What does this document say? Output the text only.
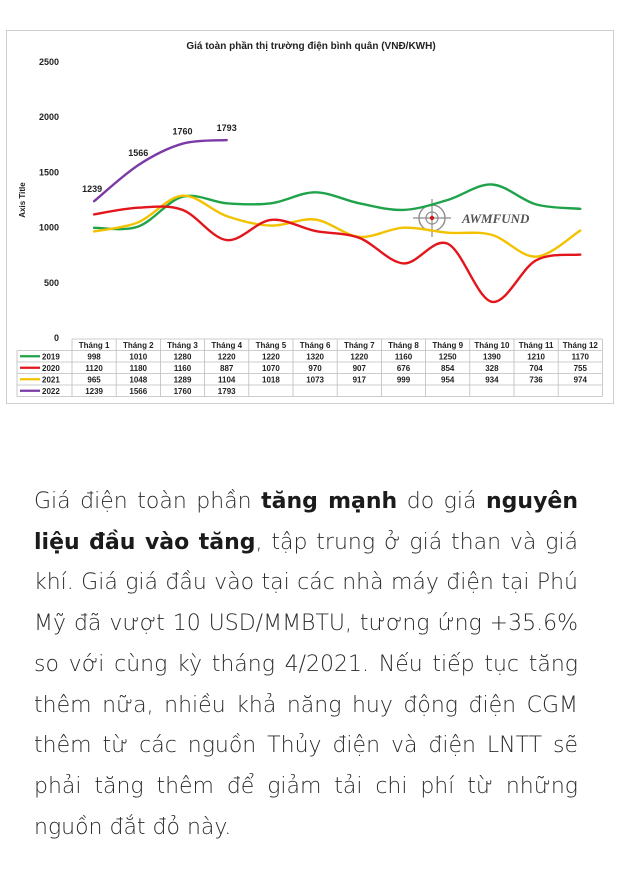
Giá toàn phần thị trường điện bình quân (VNĐ/KWH)
0
500
1000
1500
2000
2500
Axis Title
AWMFUND
1239
1566
1760	1793
Tháng 1 Tháng 2 Tháng 3 Tháng 4 Tháng 5 Tháng 6 Tháng 7 Tháng 8 Tháng 9 Tháng 10 Tháng 11 Tháng 12
2019	998	1010	1280	1220	1220	1320	1220	1160	1250	1390	1210	1170
2020	1120	1180	1160	887	1070	970	907	676	854	328	704	755
2021	965	1048	1289	1104	1018	1073	917	999	954	934	736	974
2022	1239	1566	1760	1793

Giá điện toàn phần tăng mạnh do giá nguyên liệu đầu vào tăng, tập trung ở giá than và giá khí. Giá giá đầu vào tại các nhà máy điện tại Phú Mỹ đã vượt 10 USD/MMBTU, tương ứng +35.6% so với cùng kỳ tháng 4/2021. Nếu tiếp tục tăng thêm nữa, nhiều khả năng huy động điện CGM thêm từ các nguồn Thủy điện và điện LNTT sẽ phải tăng thêm để giảm tải chi phí từ những nguồn đắt đỏ này.
